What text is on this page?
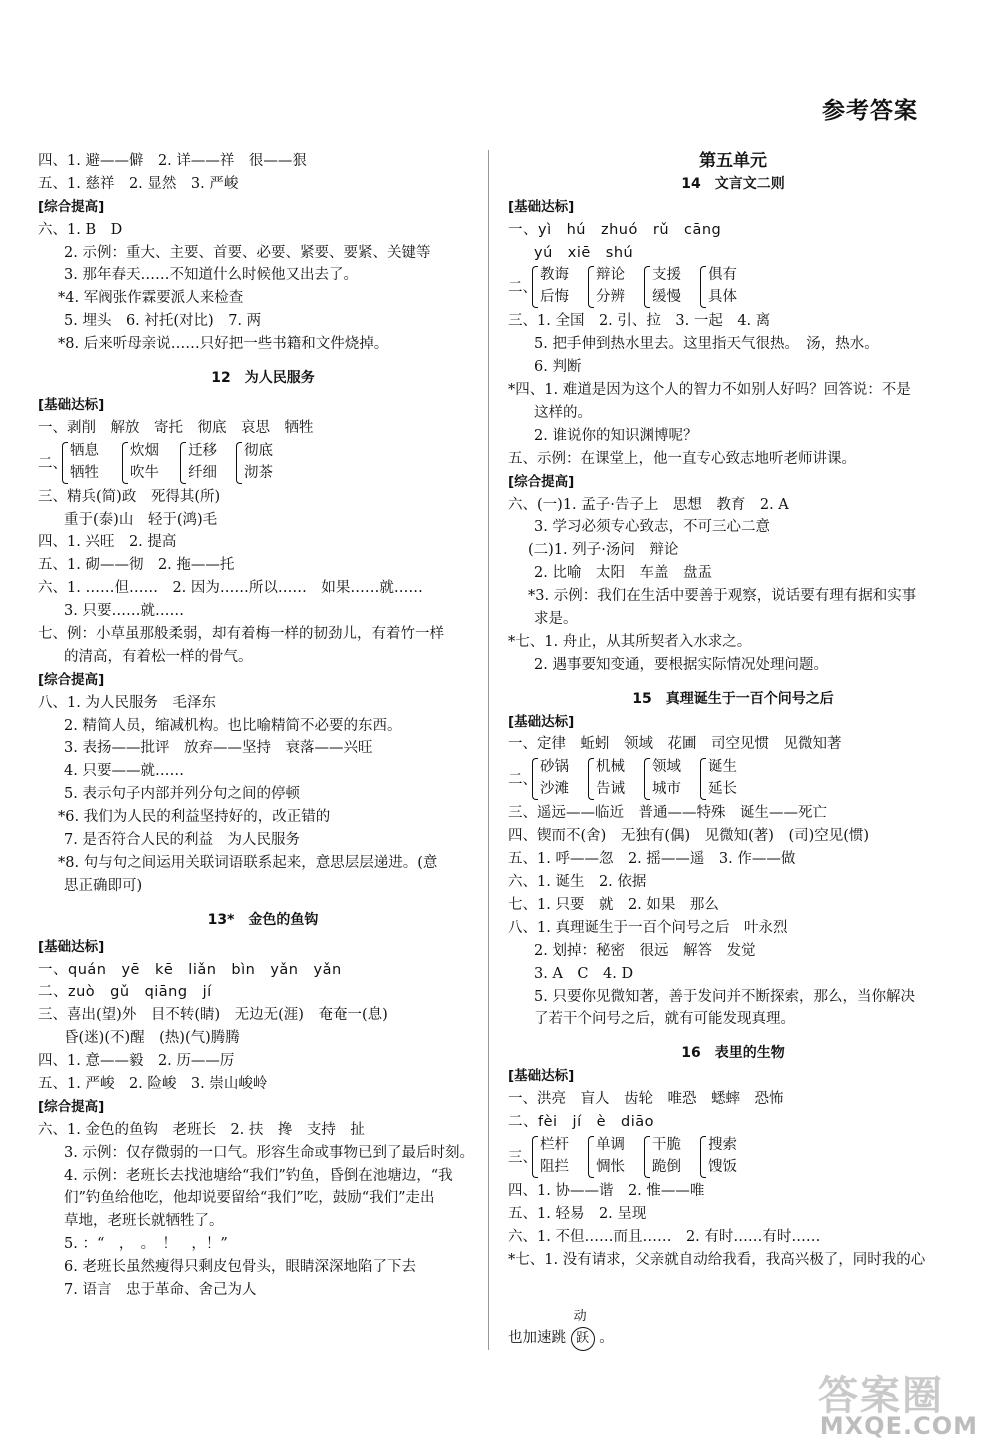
参考答案
四、1. 避——僻　2. 详——祥　很——狠
五、1. 慈祥　2. 显然　3. 严峻
[综合提高]
六、1. B　D
2. 示例：重大、主要、首要、必要、紧要、要紧、关键等
3. 那年春天……不知道什么时候他又出去了。
*4. 军阀张作霖要派人来检查
5. 埋头　6. 衬托(对比)　7. 两
*8. 后来听母亲说……只好把一些书籍和文件烧掉。
12　为人民服务
[基础达标]
一、剥削　解放　寄托　彻底　哀思　牺牲
二、
牺息
牺牲
炊烟
吹牛
迁移
纤细
彻底
沏茶
三、精兵(简)政　死得其(所)
重于(泰)山　轻于(鸿)毛
四、1. 兴旺　2. 提高
五、1. 砌——彻　2. 拖——托
六、1. ……但……　2. 因为……所以……　如果……就……
3. 只要……就……
七、例：小草虽那般柔弱，却有着梅一样的韧劲儿，有着竹一样
的清高，有着松一样的骨气。
[综合提高]
八、1. 为人民服务　毛泽东
2. 精简人员，缩减机构。也比喻精简不必要的东西。
3. 表扬——批评　放弃——坚持　衰落——兴旺
4. 只要——就……
5. 表示句子内部并列分句之间的停顿
*6. 我们为人民的利益坚持好的，改正错的
7. 是否符合人民的利益　为人民服务
*8. 句与句之间运用关联词语联系起来，意思层层递进。(意
思正确即可)
13*　金色的鱼钩
[基础达标]
一、quán　yē　kē　liǎn　bìn　yǎn　yǎn
二、zuò　gǔ　qiāng　jí
三、喜出(望)外　目不转(睛)　无边无(涯)　奄奄一(息)
昏(迷)(不)醒　(热)(气)腾腾
四、1. 意——毅　2. 历——厉
五、1. 严峻　2. 险峻　3. 崇山峻岭
[综合提高]
六、1. 金色的鱼钩　老班长　2. 扶　搀　支持　扯
3. 示例：仅存微弱的一口气。形容生命或事物已到了最后时刻。
4. 示例：老班长去找池塘给“我们”钓鱼，昏倒在池塘边，“我
们”钓鱼给他吃，他却说要留给“我们”吃，鼓励“我们”走出
草地，老班长就牺牲了。
5. ：“　，　。　！　，！”
6. 老班长虽然瘦得只剩皮包骨头，眼睛深深地陷了下去
7. 语言　忠于革命、舍己为人
第五单元
14　文言文二则
[基础达标]
一、yì　hú　zhuó　rǔ　cāng
yú　xiē　shú
二、
教诲
后悔
辩论
分辨
支援
缓慢
俱有
具体
三、1. 全国　2. 引、拉　3. 一起　4. 离
5. 把手伸到热水里去。这里指天气很热。　汤，热水。
6. 判断
*四、1. 难道是因为这个人的智力不如别人好吗？回答说：不是
这样的。
2. 谁说你的知识渊博呢？
五、示例：在课堂上，他一直专心致志地听老师讲课。
[综合提高]
六、(一)1. 孟子·告子上　思想　教育　2. A
3. 学习必须专心致志，不可三心二意
(二)1. 列子·汤问　辩论
2. 比喻　太阳　车盖　盘盂
*3. 示例：我们在生活中要善于观察，说话要有理有据和实事
求是。
*七、1. 舟止，从其所契者入水求之。
2. 遇事要知变通，要根据实际情况处理问题。
15　真理诞生于一百个问号之后
[基础达标]
一、定律　蚯蚓　领域　花圃　司空见惯　见微知著
二、
砂锅
沙滩
机械
告诫
领域
城市
诞生
延长
三、遥远——临近　普通——特殊　诞生——死亡
四、锲而不(舍)　无独有(偶)　见微知(著)　(司)空见(惯)
五、1. 呼——忽　2. 摇——遥　3. 作——做
六、1. 诞生　2. 依据
七、1. 只要　就　2. 如果　那么
八、1. 真理诞生于一百个问号之后　叶永烈
2. 划掉：秘密　很远　解答　发觉
3. A　C　4. D
5. 只要你见微知著，善于发问并不断探索，那么，当你解决
了若干个问号之后，就有可能发现真理。
16　表里的生物
[基础达标]
一、洪亮　盲人　齿轮　唯恐　蟋蟀　恐怖
二、fèi　jí　è　diāo
三、
栏杆
阻拦
单调
惆怅
干脆
跪倒
搜索
馊饭
四、1. 协——谐　2. 惟——唯
五、1. 轻易　2. 呈现
六、1. 不但……而且……　2. 有时……有时……
*七、1. 没有请求，父亲就自动给我看，我高兴极了，同时我的心
也加速跳
动
跃 。
答案圈
MXQE.COM
